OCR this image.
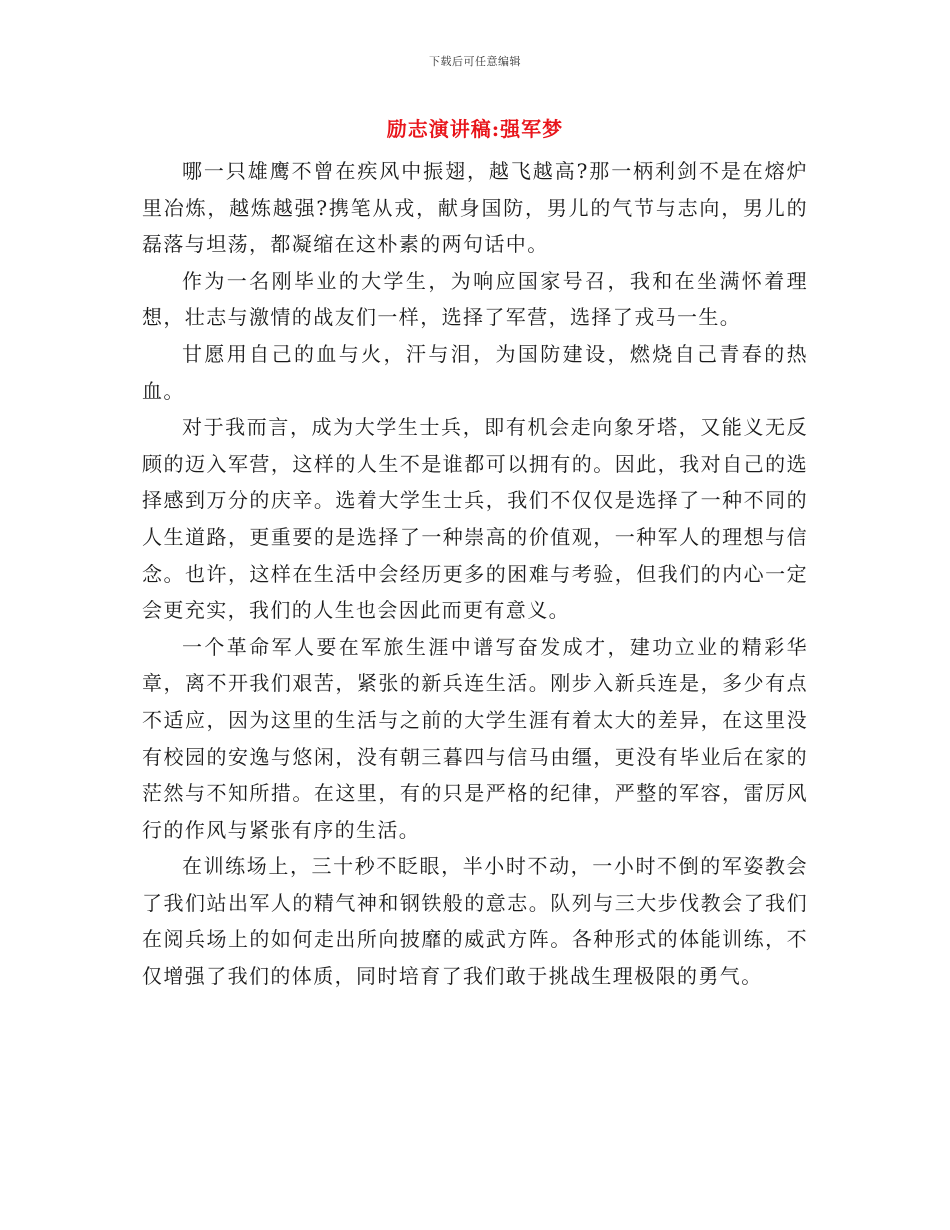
下载后可任意编辑
励志演讲稿:强军梦

哪一只雄鹰不曾在疾风中振翅，越飞越高?那一柄利剑不是在熔炉里冶炼，越炼越强?携笔从戎，献身国防，男儿的气节与志向，男儿的磊落与坦荡，都凝缩在这朴素的两句话中。

作为一名刚毕业的大学生，为响应国家号召，我和在坐满怀着理想，壮志与激情的战友们一样，选择了军营，选择了戎马一生。

甘愿用自己的血与火，汗与泪，为国防建设，燃烧自己青春的热血。

对于我而言，成为大学生士兵，即有机会走向象牙塔，又能义无反顾的迈入军营，这样的人生不是谁都可以拥有的。因此，我对自己的选择感到万分的庆辛。选着大学生士兵，我们不仅仅是选择了一种不同的人生道路，更重要的是选择了一种崇高的价值观，一种军人的理想与信念。也许，这样在生活中会经历更多的困难与考验，但我们的内心一定会更充实，我们的人生也会因此而更有意义。

一个革命军人要在军旅生涯中谱写奋发成才，建功立业的精彩华章，离不开我们艰苦，紧张的新兵连生活。刚步入新兵连是，多少有点不适应，因为这里的生活与之前的大学生涯有着太大的差异，在这里没有校园的安逸与悠闲，没有朝三暮四与信马由缰，更没有毕业后在家的茫然与不知所措。在这里，有的只是严格的纪律，严整的军容，雷厉风行的作风与紧张有序的生活。

在训练场上，三十秒不眨眼，半小时不动，一小时不倒的军姿教会了我们站出军人的精气神和钢铁般的意志。队列与三大步伐教会了我们在阅兵场上的如何走出所向披靡的威武方阵。各种形式的体能训练，不仅增强了我们的体质，同时培育了我们敢于挑战生理极限的勇气。
